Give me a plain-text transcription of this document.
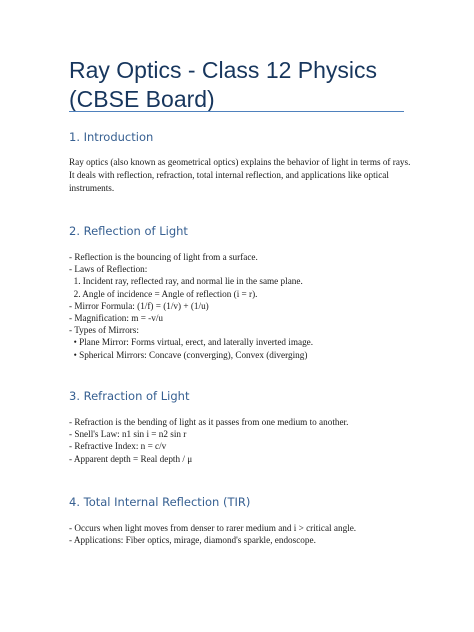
Ray Optics - Class 12 Physics (CBSE Board)
1. Introduction

Ray optics (also known as geometrical optics) explains the behavior of light in terms of rays. It deals with reflection, refraction, total internal reflection, and applications like optical instruments.

2. Reflection of Light
- Reflection is the bouncing of light from a surface.
- Laws of Reflection:
1. Incident ray, reflected ray, and normal lie in the same plane.
2. Angle of incidence = Angle of reflection (i = r).
- Mirror Formula: (1/f) = (1/v) + (1/u)
- Magnification: m = -v/u
- Types of Mirrors:
• Plane Mirror: Forms virtual, erect, and laterally inverted image.
• Spherical Mirrors: Concave (converging), Convex (diverging)
3. Refraction of Light
- Refraction is the bending of light as it passes from one medium to another.
- Snell's Law: n1 sin i = n2 sin r
- Refractive Index: n = c/v
- Apparent depth = Real depth / μ
4. Total Internal Reflection (TIR)
- Occurs when light moves from denser to rarer medium and i > critical angle.
- Applications: Fiber optics, mirage, diamond's sparkle, endoscope.
